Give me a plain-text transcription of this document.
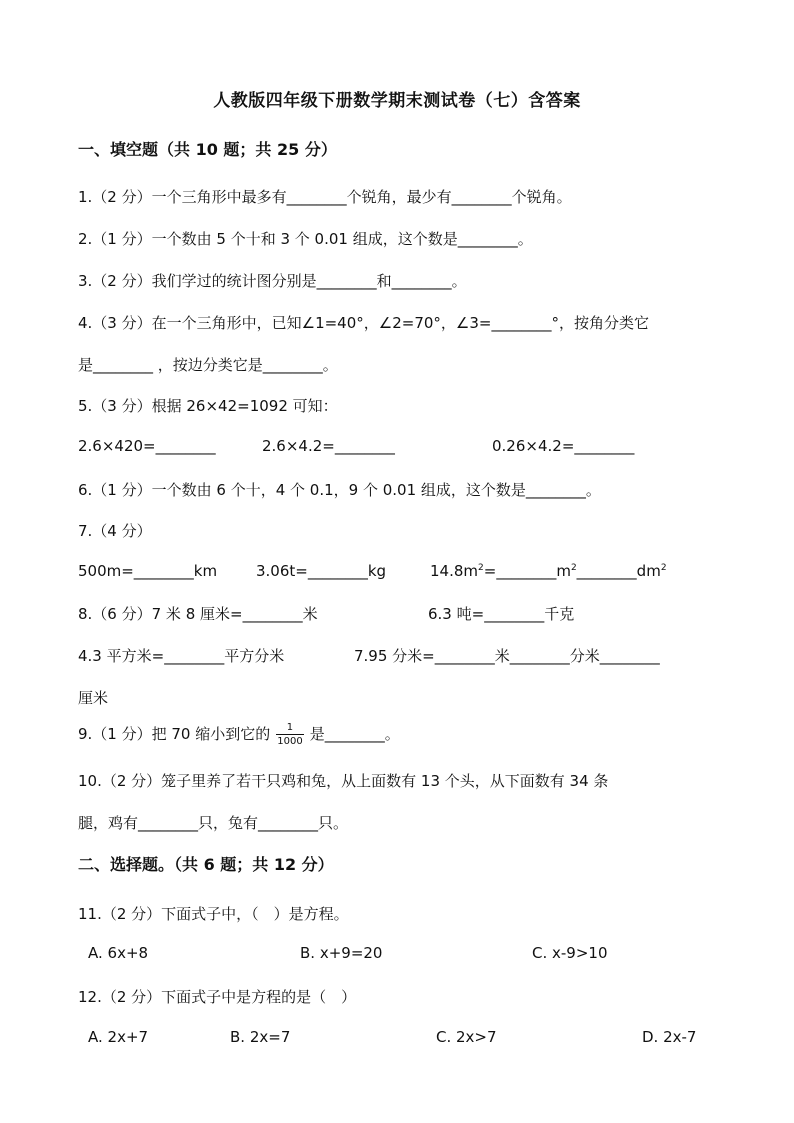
人教版四年级下册数学期末测试卷（七）含答案
一、填空题（共 10 题；共 25 分）
1.（2 分）一个三角形中最多有________个锐角，最少有________个锐角。
2.（1 分）一个数由 5 个十和 3 个 0.01 组成，这个数是________。
3.（2 分）我们学过的统计图分别是________和________。
4.（3 分）在一个三角形中，已知∠1=40°，∠2=70°，∠3=________°，按角分类它
是________ ，按边分类它是________。
5.（3 分）根据 26×42=1092 可知：
2.6×420=________	2.6×4.2=________	0.26×4.2=________
6.（1 分）一个数由 6 个十，4 个 0.1，9 个 0.01 组成，这个数是________。
7.（4 分）
500m=________km	3.06t=________kg	$14.8m^2=\_\_\_\_\_\_\_\_m^2\_\_\_\_\_\_\_\_dm^2$
8.（6 分）7 米 8 厘米=________米	6.3 吨=________千克
4.3 平方米=________平方分米	7.95 分米=________米________分米________
厘米
9.（1 分）把 70 缩小到它的 $\frac{1}{1000}$ 是________。
10.（2 分）笼子里养了若干只鸡和兔，从上面数有 13 个头，从下面数有 34 条
腿，鸡有________只，兔有________只。
二、选择题。（共 6 题；共 12 分）
11.（2 分）下面式子中，（　）是方程。
A. 6x+8	B. x+9=20	C. x-9>10
12.（2 分）下面式子中是方程的是（　）
A. 2x+7	B. 2x=7	C. 2x>7	D. 2x-7
